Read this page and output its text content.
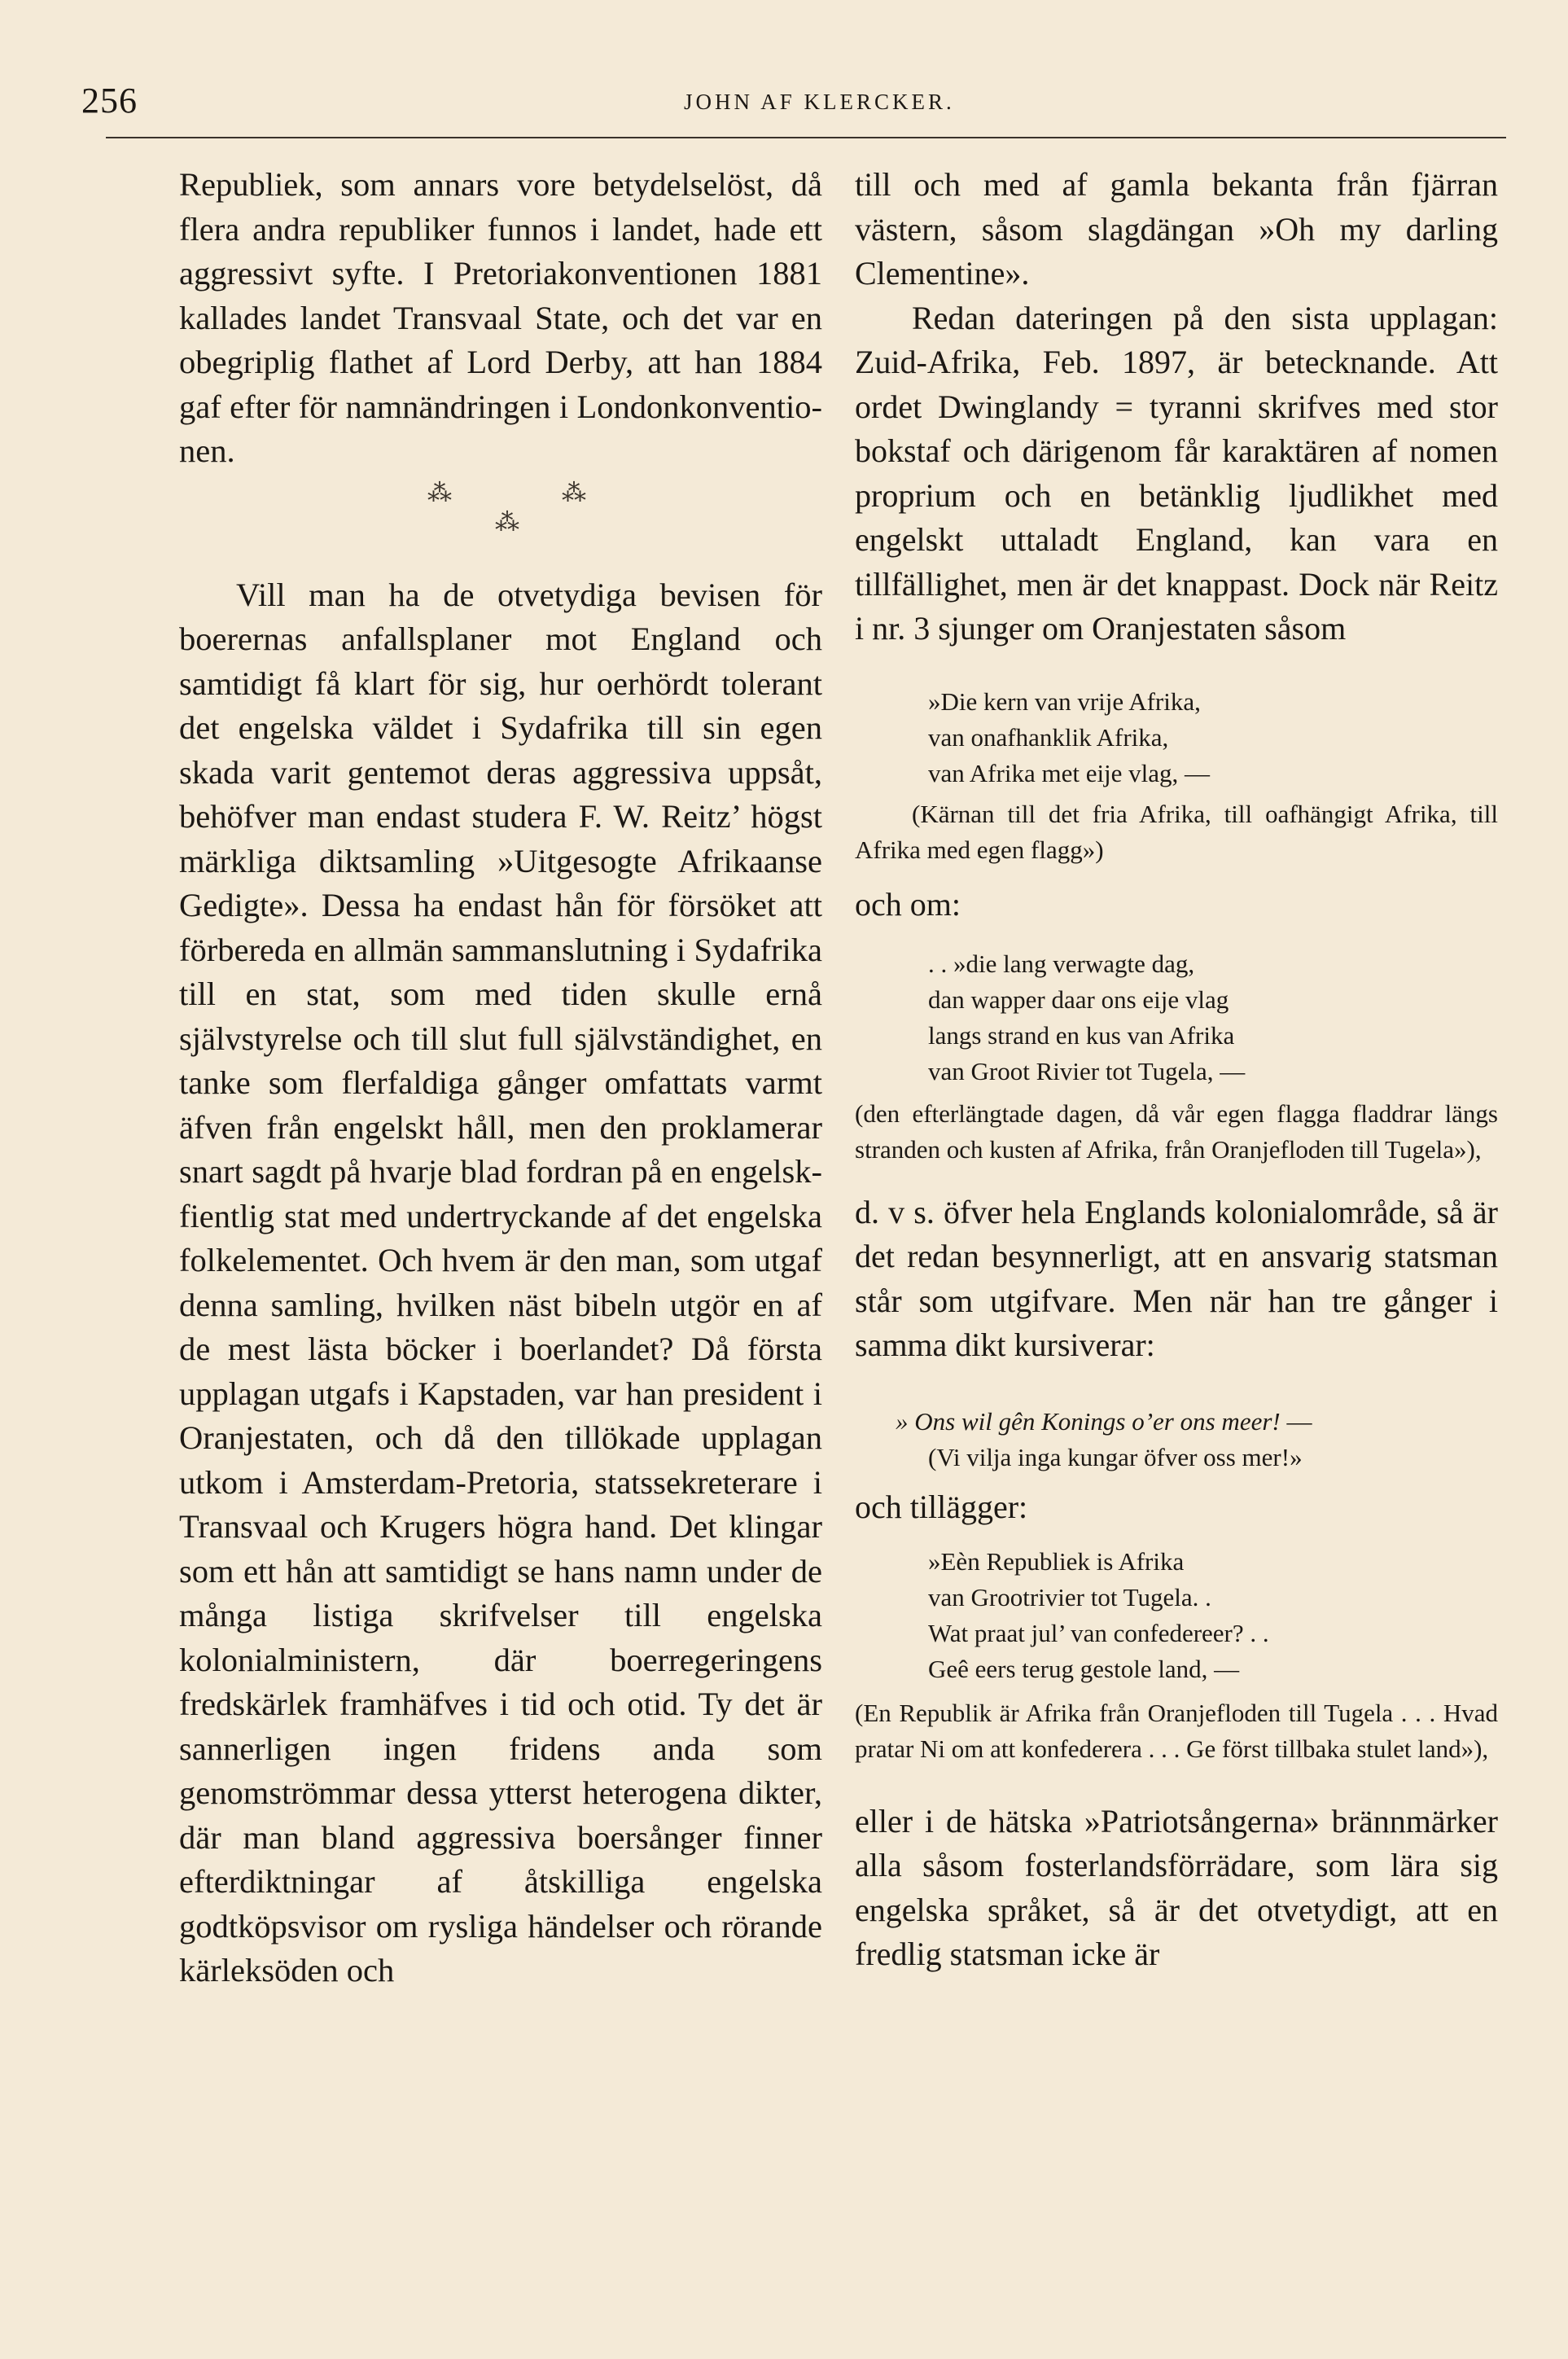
256	JOHN AF KLERCKER.

Republiek, som annars vore betydelselöst, då flera andra republiker funnos i landet, hade ett aggressivt syfte. I Pretoriakonventionen 1881 kallades landet Transvaal State, och det var en obegriplig flathet af Lord Derby, att han 1884 gaf efter för namnändringen i Londonkonventionen.

⁂	⁂
⁂

Vill man ha de otvetydiga bevisen för boerernas anfallsplaner mot England och samtidigt få klart för sig, hur oerhördt tolerant det engelska väldet i Sydafrika till sin egen skada varit gentemot deras aggressiva uppsåt, behöfver man endast studera F. W. Reitz’ högst märkliga diktsamling »Uitgesogte Afrikaanse Gedigte». Dessa ha endast hån för försöket att förbereda en allmän sammanslutning i Sydafrika till en stat, som med tiden skulle ernå självstyrelse och till slut full självständighet, en tanke som flerfaldiga gånger omfattats varmt äfven från engelskt håll, men den proklamerar snart sagdt på hvarje blad fordran på en engelskfientlig stat med undertryckande af det engelska folkelementet. Och hvem är den man, som utgaf denna samling, hvilken näst bibeln utgör en af de mest lästa böcker i boerlandet? Då första upplagan utgafs i Kapstaden, var han president i Oranjestaten, och då den tillökade upplagan utkom i Amsterdam-Pretoria, statssekreterare i Transvaal och Krugers högra hand. Det klingar som ett hån att samtidigt se hans namn under de många listiga skrifvelser till engelska kolonialministern, där boerregeringens fredskärlek framhäfves i tid och otid. Ty det är sannerligen ingen fridens anda som genomströmmar dessa ytterst heterogena dikter, där man bland aggressiva boersånger finner efterdiktningar af åtskilliga engelska godtköpsvisor om rysliga händelser och rörande kärleksöden och

till och med af gamla bekanta från fjärran västern, såsom slagdängan »Oh my darling Clementine».

Redan dateringen på den sista upplagan: Zuid-Afrika, Feb. 1897, är betecknande. Att ordet Dwinglandy = tyranni skrifves med stor bokstaf och därigenom får karaktären af nomen proprium och en betänklig ljudlikhet med engelskt uttaladt England, kan vara en tillfällighet, men är det knappast. Dock när Reitz i nr. 3 sjunger om Oranjestaten såsom

»Die kern van vrije Afrika,
van onafhanklik Afrika,
van Afrika met eije vlag, —

(Kärnan till det fria Afrika, till oafhängigt Afrika, till Afrika med egen flagg»)

och om:

. . »die lang verwagte dag,
dan wapper daar ons eije vlag
langs strand en kus van Afrika
van Groot Rivier tot Tugela, —

(den efterlängtade dagen, då vår egen flagga fladdrar längs stranden och kusten af Afrika, från Oranjefloden till Tugela»),

d. v s. öfver hela Englands kolonialområde, så är det redan besynnerligt, att en ansvarig statsman står som utgifvare. Men när han tre gånger i samma dikt kursiverar:

» Ons wil gên Konings o’er ons meer! —
(Vi vilja inga kungar öfver oss mer!»

och tillägger:

»Eèn Republiek is Afrika
van Grootrivier tot Tugela. .
Wat praat jul’ van confedereer? . .
Geê eers terug gestole land, —

(En Republik är Afrika från Oranjefloden till Tugela . . . Hvad pratar Ni om att konfederera . . . Ge först tillbaka stulet land»),

eller i de hätska »Patriotsångerna» brännmärker alla såsom fosterlandsförrädare, som lära sig engelska språket, så är det otvetydigt, att en fredlig statsman icke är
